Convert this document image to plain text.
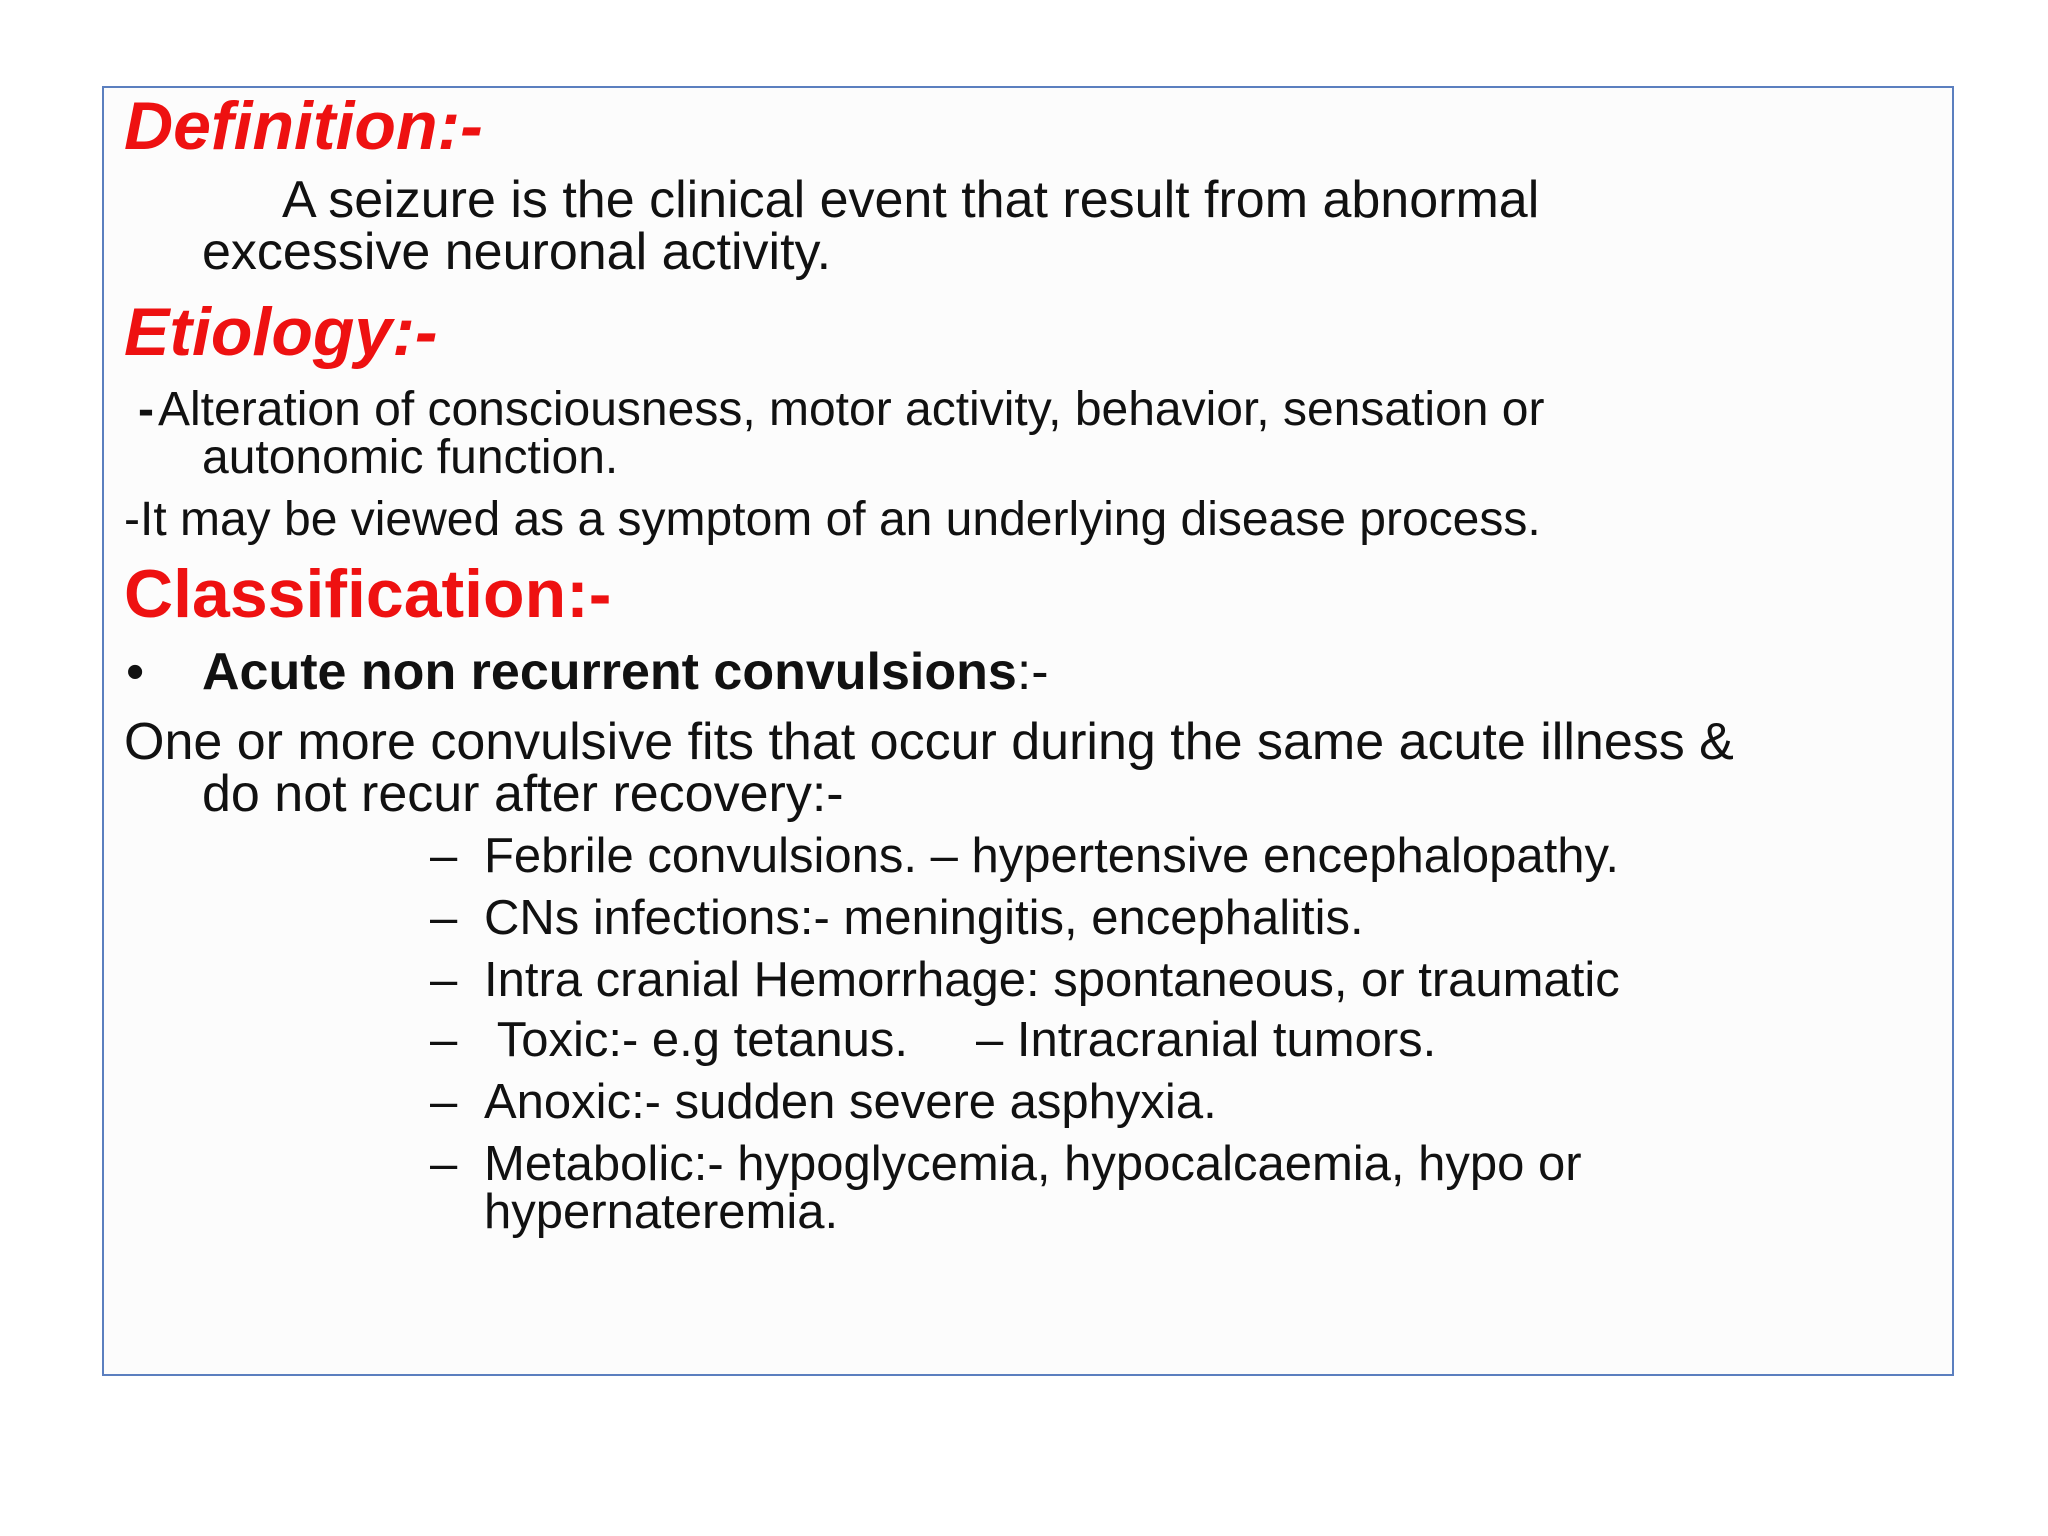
Definition:-
A seizure is the clinical event that result from abnormal
excessive neuronal activity.
Etiology:-
- Alteration of consciousness, motor activity, behavior, sensation or
autonomic function.
-It may be viewed as a symptom of an underlying disease process.
Classification:-
• Acute non recurrent convulsions:-
One or more convulsive fits that occur during the same acute illness &
do not recur after recovery:-
– Febrile convulsions. – hypertensive encephalopathy.
– CNs infections:- meningitis, encephalitis.
– Intra cranial Hemorrhage: spontaneous, or traumatic
– Toxic:- e.g tetanus.     – Intracranial tumors.
– Anoxic:- sudden severe asphyxia.
– Metabolic:- hypoglycemia, hypocalcaemia, hypo or
hypernateremia.
